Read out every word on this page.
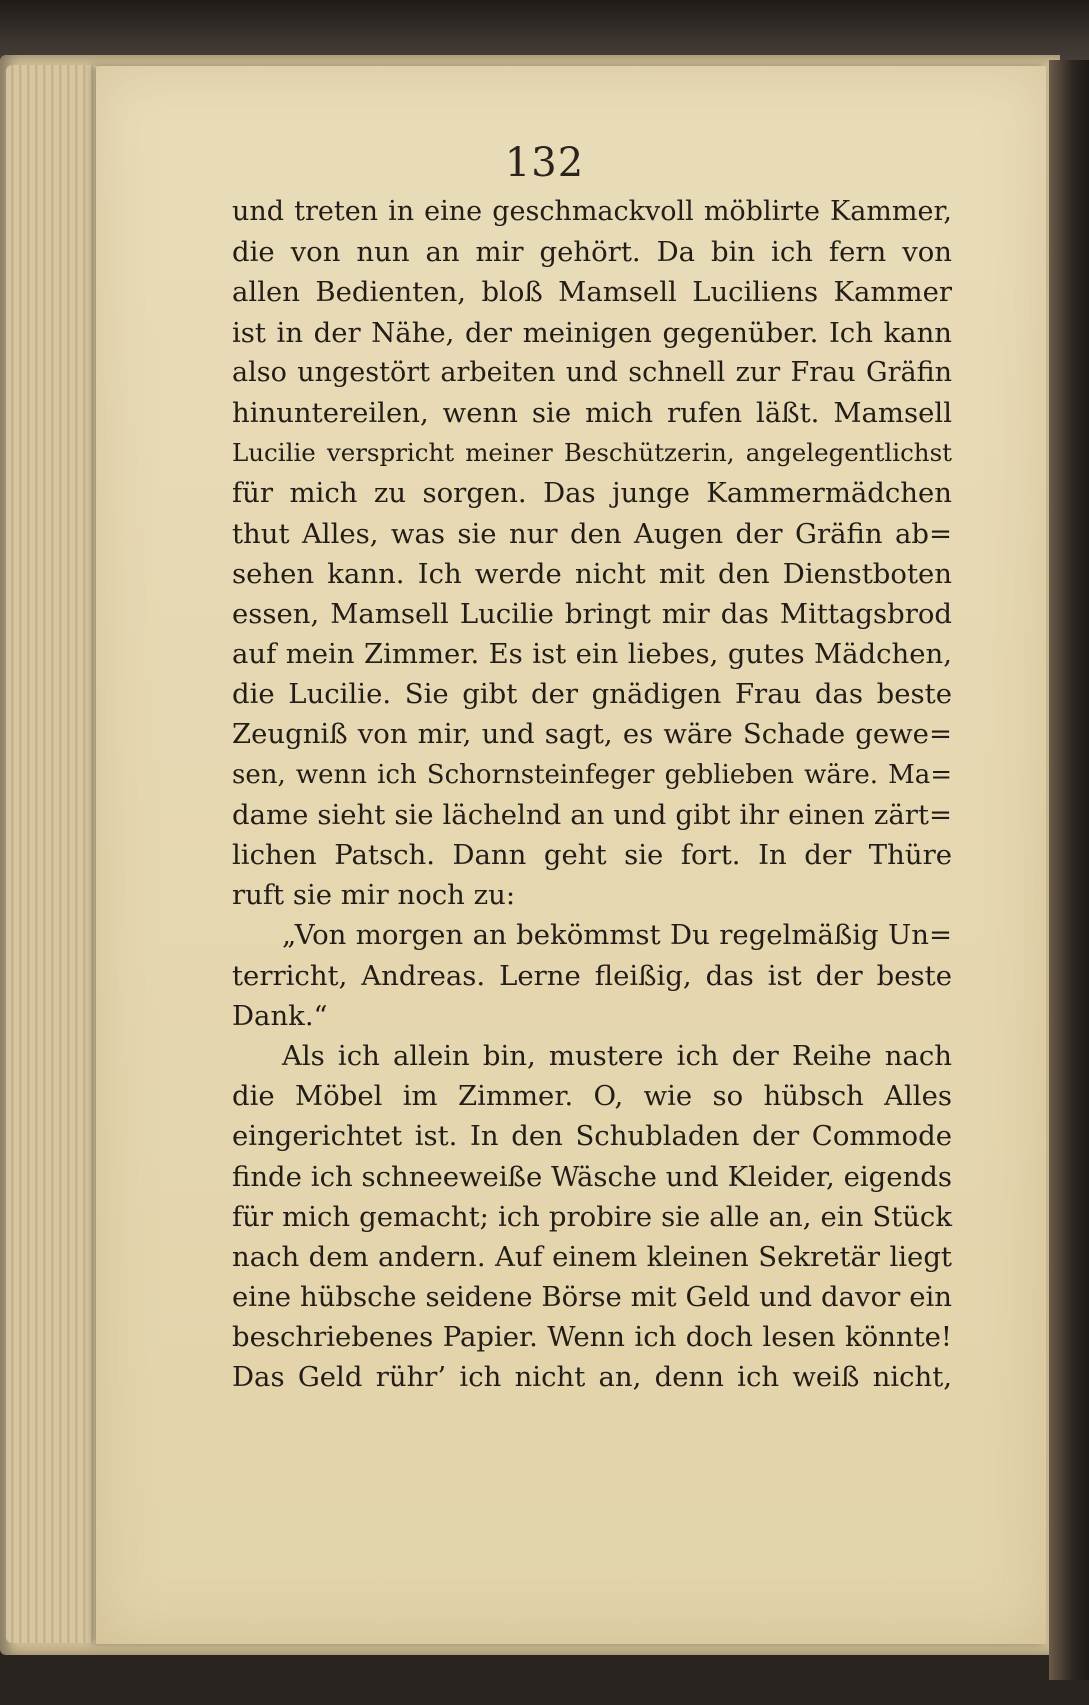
132
und treten in eine geschmackvoll möblirte Kammer,
die von nun an mir gehört. Da bin ich fern von
allen Bedienten, bloß Mamsell Luciliens Kammer
ist in der Nähe, der meinigen gegenüber. Ich kann
also ungestört arbeiten und schnell zur Frau Gräfin
hinuntereilen, wenn sie mich rufen läßt. Mamsell
Lucilie verspricht meiner Beschützerin, angelegentlichst
für mich zu sorgen. Das junge Kammermädchen
thut Alles, was sie nur den Augen der Gräfin ab=
sehen kann. Ich werde nicht mit den Dienstboten
essen, Mamsell Lucilie bringt mir das Mittagsbrod
auf mein Zimmer. Es ist ein liebes, gutes Mädchen,
die Lucilie. Sie gibt der gnädigen Frau das beste
Zeugniß von mir, und sagt, es wäre Schade gewe=
sen, wenn ich Schornsteinfeger geblieben wäre. Ma=
dame sieht sie lächelnd an und gibt ihr einen zärt=
lichen Patsch. Dann geht sie fort. In der Thüre
ruft sie mir noch zu:
„Von morgen an bekömmst Du regelmäßig Un=
terricht, Andreas. Lerne fleißig, das ist der beste
Dank.“
Als ich allein bin, mustere ich der Reihe nach
die Möbel im Zimmer. O, wie so hübsch Alles
eingerichtet ist. In den Schubladen der Commode
finde ich schneeweiße Wäsche und Kleider, eigends
für mich gemacht; ich probire sie alle an, ein Stück
nach dem andern. Auf einem kleinen Sekretär liegt
eine hübsche seidene Börse mit Geld und davor ein
beschriebenes Papier. Wenn ich doch lesen könnte!
Das Geld rühr’ ich nicht an, denn ich weiß nicht,
